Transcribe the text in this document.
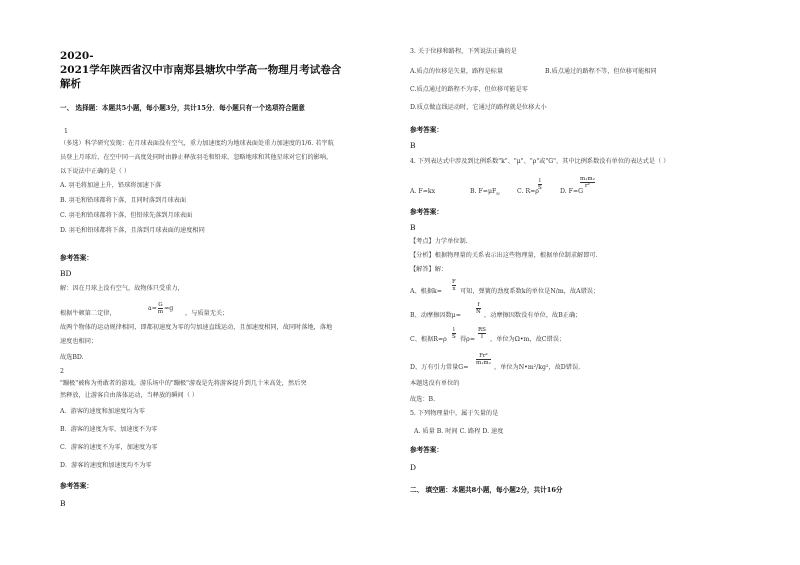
2020-
2021学年陕西省汉中市南郑县塘坎中学高一物理月考试卷含
解析
一、 选择题：本题共5小题，每小题3分，共计15分．每小题只有一个选项符合题意
1
（多选）科学研究发现：在月球表面没有空气，重力加速度约为地球表面处重力加速度的1/6. 若宇航
员登上月球后，在空中同一高度处同时由静止释放羽毛和铅球，忽略地球和其他星球对它们的影响，
以下说法中正确的是（ ）
A. 羽毛将加速上升，铅球将加速下落
B. 羽毛和铅球都将下落，且同时落到月球表面
C. 羽毛和铅球都将下落，但铅球先落到月球表面
D. 羽毛和铅球都将下落，且落到月球表面的速度相同
参考答案：
BD
解：因在月球上没有空气，故物体只受重力，
根据牛顿第二定律，
$a= \frac{G}{m} =g$
，与质量无关；
故两个物体的运动规律相同，即都初速度为零的匀加速直线运动，且加速度相同，故同时落地，落地
速度也相同；
故选BD.
2
"蹦极"被称为勇敢者的游戏。游乐场中的"蹦极"游戏是先将游客提升到几十米高处，然后突
然释放，让游客自由落体运动，当释放的瞬间（ ）
A．游客的速度和加速度均为零
B．游客的速度为零，加速度不为零
C．游客的速度不为零，加速度为零
D．游客的速度和加速度均不为零
参考答案：
B
3. 关于位移和路程，下列说法正确的是
A.质点的位移是矢量，路程是标量	B.质点通过的路程不等，但位移可能相同
C.质点通过的路程不为零，但位移可能是零
D.质点做直线运动时，它通过的路程就是位移大小
参考答案：
B
4. 下列表达式中涉及到比例系数"k"、"μ"、"ρ"或"G"，其中比例系数没有单位的表达式是（ ）
A. F=kx	B. $F=\mu F_N$	C. R=ρ
l
S	D. F=G
m₁m₂
r²
参考答案：
B
【考点】力学单位制.
【分析】根据物理量的关系表示出这些物理量，根据单位制求解即可.
【解答】解：
A、根据k=
F
x 可知，弹簧的劲度系数k的单位是N/m，故A错误；
B、动摩擦因数μ=
f
N ，动摩擦因数没有单位，故B正确；
C、根据R=ρ
l
S 得ρ=
RS
l ，单位为Ω•m，故C错误；
D、万有引力常量G=
Fr²
m₁m₂
，单位为N•m²/kg²，故D错误.
本题选没有单位的
故选：B.
5. 下列物理量中，属于矢量的是
A. 质量 B. 时间 C. 路程 D. 速度
参考答案：
D
二、 填空题：本题共8小题，每小题2分，共计16分
